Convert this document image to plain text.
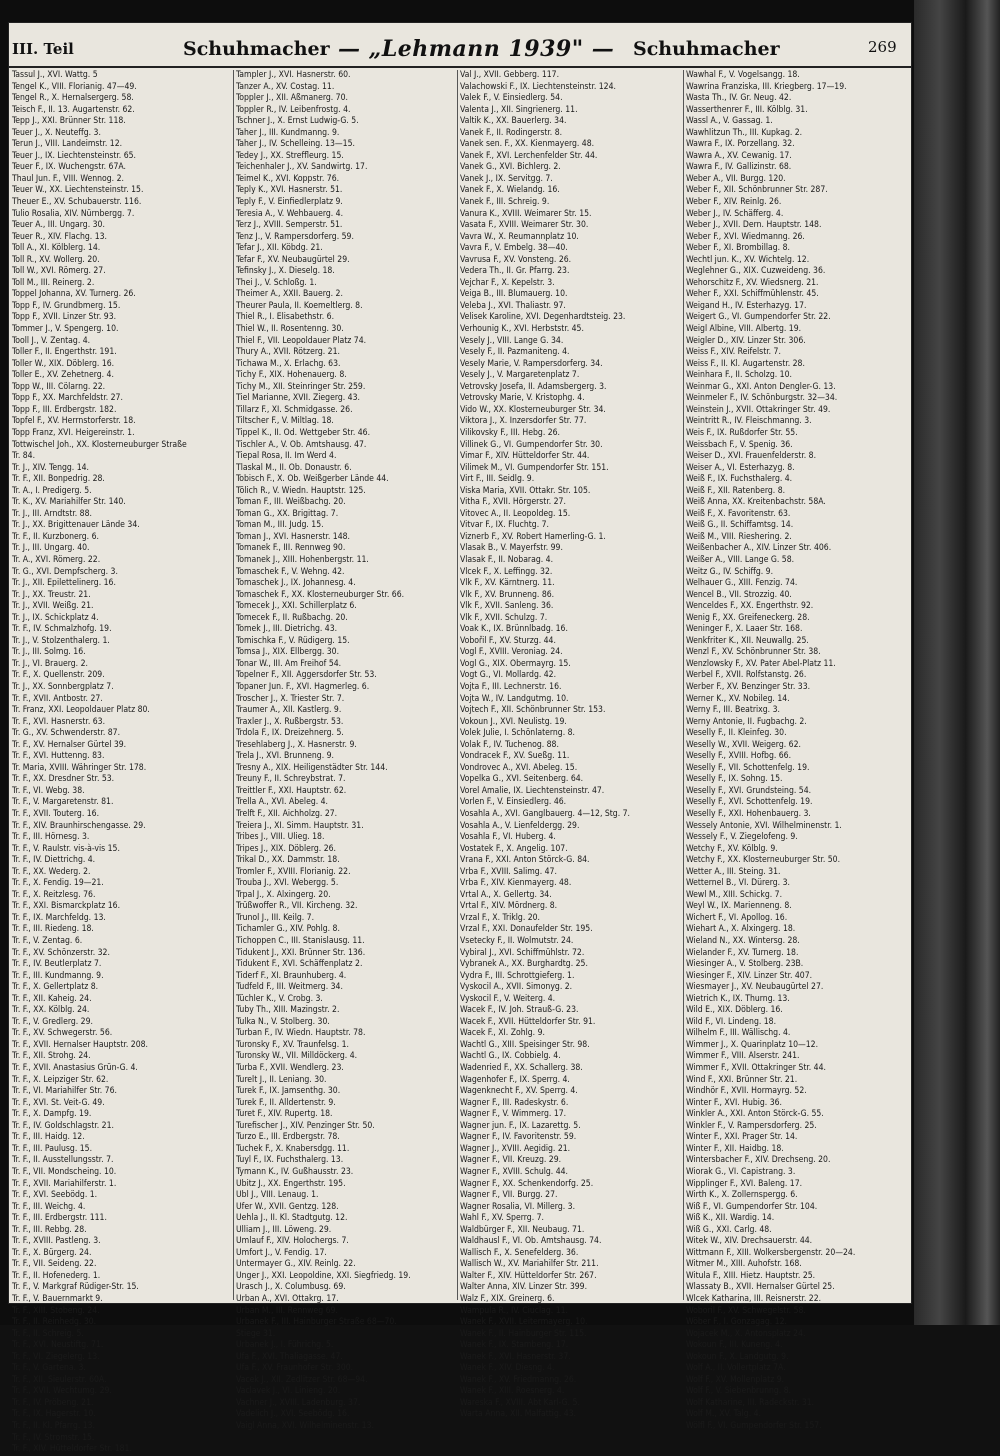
III. Teil	Schuhmacher — „Lehmann 1939" — Schuhmacher	269
Tassul J., XVI. Wattg. 5
Tengel K., VIII. Florianig. 47—49.
Tengel R., X. Hernalsergerg. 58.
Teisch F., II. 13. Augartenstr. 62.
Tepp J., XXI. Brünner Str. 118.
Teuer J., X. Neuteffg. 3.
Terun J., VIII. Landeimstr. 12.
Teuer J., IX. Liechtensteinstr. 65.
Teuer F., IX. Wuchengstr. 67A.
Thaul Jun. F., VIII. Wennog. 2.
Teuer W., XX. Liechtensteinstr. 15.
Theuer E., XV. Schubauerstr. 116.
Tulio Rosalia, XIV. Nürnbergg. 7.
Teuer A., III. Ungarg. 30.
Teuer R., XIV. Flachg. 13.
Toll A., XI. Kölblerg. 14.
Toll R., XV. Wollerg. 20.
Toll W., XVI. Römerg. 27.
Toll M., III. Reinerg. 2.
Toppel Johanna, XV. Turnerg. 26.
Topp F., IV. Grundbmerg. 15.
Topp F., XVII. Linzer Str. 93.
Tommer J., V. Spengerg. 10.
Tooll J., V. Zentag. 4.
Toller F., II. Engerthstr. 191.
Toller W., XIX. Döblerg. 16.
Toller E., XV. Zehetnerg. 4.
Topp W., III. Cölarng. 22.
Topp F., XX. Marchfeldstr. 27.
Topp F., III. Erdbergstr. 182.
Topfel F., XV. Herrnstorferstr. 18.
Topp Franz, XVI. Heigereinstr. 1.
Tottwischel Joh., XX. Klosterneuburger Straße
Tr. 84.
Tr. J., XIV. Tengg. 14.
Tr. F., XII. Bonpedrig. 28.
Tr. A., I. Predigerg. 5.
Tr. K., XV. Mariahilfer Str. 140.
Tr. J., III. Arndtstr. 88.
Tr. J., XX. Brigittenauer Lände 34.
Tr. F., II. Kurzbonerg. 6.
Tr. J., III. Ungarg. 40.
Tr. A., XVI. Römerg. 22.
Tr. G., XVI. Dempfscherg. 3.
Tr. J., XII. Epilettelinerg. 16.
Tr. J., XX. Treustr. 21.
Tr. J., XVII. Weißg. 21.
Tr. J., IX. Schickplatz 4.
Tr. F., IV. Schmalzhofg. 19.
Tr. J., V. Stolzenthalerg. 1.
Tr. J., III. Solmg. 16.
Tr. J., VI. Brauerg. 2.
Tr. F., X. Quellenstr. 209.
Tr. J., XX. Sonnbergplatz 7.
Tr. F., XVII. Antbostr. 27.
Tr. Franz, XXI. Leopoldauer Platz 80.
Tr. F., XVI. Hasnerstr. 63.
Tr. G., XV. Schwenderstr. 87.
Tr. F., XV. Hernalser Gürtel 39.
Tr. F., XVI. Huttenng. 83.
Tr. Maria, XVIII. Währinger Str. 178.
Tr. F., XX. Dresdner Str. 53.
Tr. F., VI. Webg. 38.
Tr. F., V. Margaretenstr. 81.
Tr. F., XVII. Touterg. 16.
Tr. F., XIV. Braunhirschengasse. 29.
Tr. F., III. Hörnesg. 3.
Tr. F., V. Raulstr. vis-à-vis 15.
Tr. F., IV. Diettrichg. 4.
Tr. F., XX. Wederg. 2.
Tr. F., X. Fendig. 19—21.
Tr. F., X. Reitzlesg. 76.
Tr. F., XXI. Bismarckplatz 16.
Tr. F., IX. Marchfeldg. 13.
Tr. F., III. Riedeng. 18.
Tr. F., V. Zentag. 6.
Tr. F., XV. Schönzerstr. 32.
Tr. F., IV. Beutlerplatz 7.
Tr. F., III. Kundmanng. 9.
Tr. F., X. Gellertplatz 8.
Tr. F., XII. Kaheig. 24.
Tr. F., XX. Kölblg. 24.
Tr. F., V. Gredlerg. 29.
Tr. F., XV. Schwegerstr. 56.
Tr. F., XVII. Hernalser Hauptstr. 208.
Tr. F., XII. Strohg. 24.
Tr. F., XVII. Anastasius Grün-G. 4.
Tr. F., X. Leipziger Str. 62.
Tr. F., VI. Mariahilfer Str. 76.
Tr. F., XVI. St. Veit-G. 49.
Tr. F., X. Dampfg. 19.
Tr. F., IV. Goldschlagstr. 21.
Tr. F., III. Haidg. 12.
Tr. F., III. Paulusg. 15.
Tr. F., II. Ausstellungsstr. 7.
Tr. F., VII. Mondscheing. 10.
Tr. F., XVII. Mariahilferstr. 1.
Tr. F., XVI. Seebödg. 1.
Tr. F., III. Weichg. 4.
Tr. F., III. Erdbergstr. 111.
Tr. F., III. Rebbg. 28.
Tr. F., XVIII. Pastleng. 3.
Tr. F., X. Bürgerg. 24.
Tr. F., VII. Seideng. 22.
Tr. F., II. Hofenederg. 1.
Tr. F., V. Markgraf Rüdiger-Str. 15.
Tr. F., V. Bauernmarkt 9.
Tr. F., XIII. Stobeng. 24.
Tr. F., II. Reinhedg. 30.
Tr. F., II. Schreig. 5.
Tr. F., XVI. Neustiftg. 71.
Tr. F., VI. Ziegelerg. 13.
Tr. F., V. Gartena. 3.
Tr. F., XII. Sieulerstr. 60A.
Tr. F., XVII. Wechtumg. 29.
Tr. F., IV. Pröbeng. 21.
Tr. F., IX. Hagerstr. 10.
Tr. F., II. Kl. Pfarrg. 13.
Tr. F., IV. Stromstr. 15.
Tr. F., XIV. Hütteldorfer Str. 181.
Tampler J., XVI. Hasnerstr. 60.
Tanzer A., XV. Costag. 11.
Toppler J., XII. Aßmanerg. 70.
Toppler R., IV. Leibenfrostg. 4.
Tschner J., X. Ernst Ludwig-G. 5.
Taher J., III. Kundmanng. 9.
Taher J., IV. Schelleing. 13—15.
Tedey J., XX. Streffleurg. 15.
Teichenhaler J., XV. Sandwirtg. 17.
Teimel K., XVI. Koppstr. 76.
Teply K., XVI. Hasnerstr. 51.
Teply F., V. Einfiedlerplatz 9.
Teresia A., V. Wehbauerg. 4.
Terz J., XVIII. Semperstr. 51.
Tenz J., V. Rampersdorferg. 59.
Tefar J., XII. Köbdg. 21.
Tefar F., XV. Neubaugürtel 29.
Tefinsky J., X. Dieselg. 18.
Thei J., V. Schloßg. 1.
Theimer A., XXII. Bauerg. 2.
Theurer Paula, II. Koemeltlerg. 8.
Thiel R., I. Elisabethstr. 6.
Thiel W., II. Rosentenng. 30.
Thiel F., VII. Leopoldauer Platz 74.
Thury A., XVII. Rötzerg. 21.
Tichawa M., X. Erlachg. 63.
Tichy F., XIX. Hohenauerg. 8.
Tichy M., XII. Steinringer Str. 259.
Tiel Marianne, XVII. Ziegerg. 43.
Tillarz F., XI. Schmidgasse. 26.
Tiltscher F., V. Miltlag. 18.
Tippel K., II. Od. Wettgeber Str. 46.
Tischler A., V. Ob. Amtshausg. 47.
Tiepal Rosa, II. Im Werd 4.
Tlaskal M., II. Ob. Donaustr. 6.
Tobisch F., X. Ob. Weißgerber Lände 44.
Tölich R., V. Wiedn. Hauptstr. 125.
Toman F., III. Weißbachg. 20.
Toman G., XX. Brigittag. 7.
Toman M., III. Judg. 15.
Toman J., XVI. Hasnerstr. 148.
Tomanek F., III. Rennweg 90.
Tomanek J., XIII. Hohenbergstr. 11.
Tomaschek F., V. Wehng. 42.
Tomaschek J., IX. Johannesg. 4.
Tomaschek F., XX. Klosterneuburger Str. 66.
Tomecek J., XXI. Schillerplatz 6.
Tomecek F., II. Rußbachg. 20.
Tomek J., III. Dietrichg. 43.
Tomischka F., V. Rüdigerg. 15.
Tomsa J., XIX. Ellbergg. 30.
Tonar W., III. Am Freihof 54.
Topelner F., XII. Aggersdorfer Str. 53.
Topaner Jun. F., XVI. Hagmerleg. 6.
Troscher J., X. Triester Str. 7.
Traumer A., XII. Kastlerg. 9.
Traxler J., X. Rußbergstr. 53.
Trdola F., IX. Dreizehnerg. 5.
Tresehlaberg J., X. Hasnerstr. 9.
Trela J., XVI. Brunneng. 9.
Tresny A., XIX. Heiligenstädter Str. 144.
Treuny F., II. Schreybstrat. 7.
Treittler F., XXI. Hauptstr. 62.
Trella A., XVI. Abeleg. 4.
Trelft F., XII. Aichholzg. 27.
Treiera J., XI. Simm. Hauptstr. 31.
Tribes J., VIII. Ulieg. 18.
Tripes J., XIX. Döblerg. 26.
Trikal D., XX. Dammstr. 18.
Tromler F., XVIII. Florianig. 22.
Trouba J., XVI. Webergg. 5.
Trpal J., X. Alxingerg. 20.
Trüßwoffer R., VII. Kircheng. 32.
Trunol J., III. Keilg. 7.
Tichamler G., XIV. Pohlg. 8.
Tichoppen C., III. Stanislausg. 11.
Tidukent J., XXI. Brünner Str. 136.
Tidukent F., XVI. Schäffenplatz 2.
Tiderf F., XI. Braunhuberg. 4.
Tudfeld F., III. Weitmerg. 34.
Tüchler K., V. Crobg. 3.
Tuby Th., XIII. Mazingstr. 2.
Tulka N., V. Stolberg. 30.
Turban F., IV. Wiedn. Hauptstr. 78.
Turonsky F., XV. Traunfelsg. 1.
Turonsky W., VII. Milldöckerg. 4.
Turba F., XVII. Wendlerg. 23.
Turelt J., II. Leniang. 30.
Turek F., IX. Jamsenthg. 30.
Turek F., II. Alldertenstr. 9.
Turet F., XIV. Rupertg. 18.
Turefischer J., XIV. Penzinger Str. 50.
Turzo E., III. Erdbergstr. 78.
Tuchek F., X. Knabersdgg. 11.
Tuyl F., IX. Fuchsthalerg. 13.
Tymann K., IV. Gußhausstr. 23.
Ubitz J., XX. Engerthstr. 195.
Ubl J., VIII. Lenaug. 1.
Ufer W., XVII. Gentzg. 128.
Uehla J., II. Kl. Stadtgutg. 12.
Ulliam J., III. Löweng. 29.
Umlauf F., XIV. Holochergs. 7.
Umfort J., V. Fendig. 17.
Untermayer G., XIV. Reinlg. 22.
Unger J., XXI. Leopoldine, XXI. Siegfriedg. 19.
Urasch J., X. Columbusg. 69.
Urban A., XVI. Ottakrg. 17.
Urban M., III. Rennweg 69.
Urbanek F., III. Hainburger Straße 68—70.
Stiege 31.
Urbanek J., I. Führichg. 5.
Ufa F., XVI. Thaliagasse. 47.
Ufa F., XV. Fraunhofer Str. 300.
Vacek J., XII. Zedlitzer Str. 68—94.
Vaclavek J., VI. Linieng. 20.
Vachner J., XVIII. Ladenburg. 37.
Vadelich J., XVI. Seebödg. 16.
Vaigl Anna, XVI. Wilhelminenstr. 13.
Val J., XVII. Gebberg. 117.
Valachowski F., IX. Liechtensteinstr. 124.
Valek F., V. Einsiedlerg. 54.
Valenta J., XII. Singrienerg. 11.
Valtik K., XX. Bauerlerg. 34.
Vanek F., II. Rodingerstr. 8.
Vanek sen. F., XX. Kienmayerg. 48.
Vanek F., XVI. Lerchenfelder Str. 44.
Vanek G., XVI. Bichlerg. 2.
Vanek J., IX. Servitgg. 7.
Vanek F., X. Wielandg. 16.
Vanek F., III. Schreig. 9.
Vanura K., XVIII. Weimarer Str. 15.
Vasata F., XVIII. Weimarer Str. 30.
Vavra W., X. Reumannplatz 10.
Vavra F., V. Embelg. 38—40.
Vavrusa F., XV. Vonsteng. 26.
Vedera Th., II. Gr. Pfarrg. 23.
Vejchar F., X. Kepelstr. 3.
Veiga B., III. Blumauerg. 10.
Veleba J., XVI. Thaliastr. 97.
Velisek Karoline, XVI. Degenhardtsteig. 23.
Verhounig K., XVI. Herbststr. 45.
Vesely J., VIII. Lange G. 34.
Vesely F., II. Pazmaniteng. 4.
Vesely Marie, V. Rampersdorferg. 34.
Vesely J., V. Margaretenplatz 7.
Vetrovsky Josefa, II. Adamsbergerg. 3.
Vetrovsky Marie, V. Kristophg. 4.
Vido W., XX. Klosterneuburger Str. 34.
Viktora J., X. Inzersdorfer Str. 77.
Vilikovsky F., III. Hebg. 26.
Villinek G., VI. Gumpendorfer Str. 30.
Vimar F., XIV. Hütteldorfer Str. 44.
Vilimek M., VI. Gumpendorfer Str. 151.
Virt F., III. Seidlg. 9.
Viska Maria, XVII. Ottakr. Str. 105.
Vitha F., XVII. Hörgerstr. 27.
Vitovec A., II. Leopoldeg. 15.
Vitvar F., IX. Fluchtg. 7.
Viznerb F., XV. Robert Hamerling-G. 1.
Vlasak B., V. Mayerfstr. 99.
Vlasak F., II. Nobarag. 4.
Vlcek F., X. Leffingg. 32.
Vlk F., XV. Kärntnerg. 11.
Vlk F., XV. Brunneng. 86.
Vlk F., XVII. Sanleng. 36.
Vlk F., XVII. Schulzg. 7.
Voak K., IX. Brünnlbadg. 16.
Vobořil F., XV. Sturzg. 44.
Vogl F., XVIII. Veroniag. 24.
Vogl G., XIX. Obermayrg. 15.
Vogt G., VI. Mollardg. 42.
Vojta F., III. Lechnerstr. 16.
Vojta W., IV. Landgutmg. 10.
Vojtech F., XII. Schönbrunner Str. 153.
Vokoun J., XVI. Neulistg. 19.
Volek Julie, I. Schönlaterng. 8.
Volak F., IV. Tuchenog. 88.
Vondracek F., XV. Sueßg. 11.
Vondrovec A., XVI. Abeleg. 15.
Vopelka G., XVI. Seitenberg. 64.
Vorel Amalie, IX. Liechtensteinstr. 47.
Vorlen F., V. Einsiedlerg. 46.
Vosahla A., XVI. Ganglbauerg. 4—12, Stg. 7.
Vosahla A., V. Lienfeldergg. 29.
Vosahla F., VI. Huberg. 4.
Vostatek F., X. Angelig. 107.
Vrana F., XXI. Anton Störck-G. 84.
Vrba F., XVIII. Salimg. 47.
Vrba F., XIV. Kienmayerg. 48.
Vrtal A., X. Gellertg. 34.
Vrtal F., XIV. Mördnerg. 8.
Vrzal F., X. Triklg. 20.
Vrzal F., XXI. Donaufelder Str. 195.
Vsetecky F., II. Wolmutstr. 24.
Vybiral J., XVI. Schiffmühlstr. 72.
Vybranek A., XX. Burghardtg. 25.
Vydra F., III. Schrottgieferg. 1.
Vyskocil A., XVII. Simonyg. 2.
Vyskocil F., V. Weiterg. 4.
Wacek F., IV. Joh. Strauß-G. 23.
Wacek F., XVII. Hütteldorfer Str. 91.
Wacek F., XI. Zohlg. 9.
Wachtl G., XIII. Speisinger Str. 98.
Wachtl G., IX. Cobbielg. 4.
Wadenried F., XX. Schallerg. 38.
Wagenhofer F., IX. Sperrg. 4.
Wagenknecht F., XV. Sperrg. 4.
Wagner F., III. Radeskystr. 6.
Wagner F., V. Wimmerg. 17.
Wagner jun. F., IX. Lazarettg. 5.
Wagner F., IV. Favoritenstr. 59.
Wagner J., XVIII. Aegidig. 21.
Wagner F., VII. Kreuzg. 29.
Wagner F., XVIII. Schulg. 44.
Wagner F., XX. Schenkendorfg. 25.
Wagner F., VII. Burgg. 27.
Wagner Rosalia, VI. Millerg. 3.
Wahl F., XV. Sperrg. 7.
Waldbürger F., XII. Neubaug. 71.
Waldhausl F., VI. Ob. Amtshausg. 74.
Wallisch F., X. Senefelderg. 36.
Wallisch W., XV. Mariahilfer Str. 211.
Walter F., XIV. Hütteldorfer Str. 267.
Walter Anna, XIV. Linzer Str. 399.
Walz F., XIX. Greinerg. 6.
Wampula R., IV. Ciuclag. 11.
Wanek F., XVII. Leitermayerg. 10.
Wanek F., II. Hainburger Str. 115.
Wanek F., IX. Stambeng. 17.
Wanek F., XVI. Hasnerstr. 37.
Wanek F., XIV. Diesng. 4.
Wanek F., XV. Friedmanng. 26.
Wanek F., XIII. Roesnerg. 4.
Wareska F., XVIII. Abt Karl-G. 5.
Warta Anna, XII. Malfattig. 43.
Wawhal F., V. Vogelsangg. 18.
Wawrina Franziska, III. Kriegberg. 17—19.
Wasta Th., IV. Gr. Neug. 42.
Wasserthenrer F., III. Kölblg. 31.
Wassl A., V. Gassag. 1.
Wawhlitzun Th., III. Kupkag. 2.
Wawra F., IX. Porzellang. 32.
Wawra A., XV. Cewanig. 17.
Wawra F., IV. Gallizinstr. 68.
Weber A., VII. Burgg. 120.
Weber F., XII. Schönbrunner Str. 287.
Weber F., XIV. Reinlg. 26.
Weber J., IV. Schäfferg. 4.
Weber J., XVII. Dern. Hauptstr. 148.
Weber F., XVI. Wiedmanng. 26.
Weber F., XI. Brombillag. 8.
Wechtl jun. K., XV. Wichtelg. 12.
Weglehner G., XIX. Cuzweideng. 36.
Wehorschitz F., XV. Wiedsnerg. 21.
Weher F., XXI. Schiffmühlenstr. 45.
Weigand H., IV. Esterhazyg. 17.
Weigert G., VI. Gumpendorfer Str. 22.
Weigl Albine, VIII. Albertg. 19.
Weigler D., XIV. Linzer Str. 306.
Weiss F., XIV. Reifelstr. 7.
Weiss F., II. Kl. Augartenstr. 28.
Weinhara F., II. Scholzg. 10.
Weinmar G., XXI. Anton Dengler-G. 13.
Weinmeler F., IV. Schönburgstr. 32—34.
Weinstein J., XVII. Ottakringer Str. 49.
Weintritt R., IV. Fleischmanng. 3.
Weis F., IX. Rußdorfer Str. 55.
Weissbach F., V. Spenig. 36.
Weiser D., XVI. Frauenfelderstr. 8.
Weiser A., VI. Esterhazyg. 8.
Weiß F., IX. Fuchsthalerg. 4.
Weiß F., XII. Ratenberg. 8.
Weiß Anna, XX. Kreitenbachstr. 58A.
Weiß F., X. Favoritenstr. 63.
Weiß G., II. Schiffamtsg. 14.
Weiß M., VIII. Rieshering. 2.
Weißenbacher A., XIV. Linzer Str. 406.
Weißer A., VIII. Lange G. 58.
Weitz G., IV. Schiffg. 9.
Welhauer G., XIII. Fenzig. 74.
Wencel B., VII. Strozzig. 40.
Wenceldes F., XX. Engerthstr. 92.
Wenig F., XX. Greifeneckerg. 28.
Weninger F., X. Laaer Str. 168.
Wenkfriter K., XII. Neuwallg. 25.
Wenzl F., XV. Schönbrunner Str. 38.
Wenzlowsky F., XV. Pater Abel-Platz 11.
Werbel F., XVII. Rolfstanstg. 26.
Werber F., XV. Benzinger Str. 33.
Werner K., XV. Nobileg. 14.
Werny F., III. Beatrixg. 3.
Werny Antonie, II. Fugbachg. 2.
Weselly F., II. Kleinfeg. 30.
Weselly W., XVII. Weigerg. 62.
Weselly F., XVIII. Hofbg. 66.
Weselly F., VII. Schottenfelg. 19.
Weselly F., IX. Sohng. 15.
Weselly F., XVI. Grundsteing. 54.
Weselly F., XVI. Schottenfelg. 19.
Weselly F., XXI. Hohenbauerg. 3.
Wessely Antonie, XVI. Wilhelminenstr. 1.
Wessely F., V. Ziegelofeng. 9.
Wetchy F., XV. Kölblg. 9.
Wetchy F., XX. Klosterneuburger Str. 50.
Wetter A., III. Steing. 31.
Wetternel B., VI. Dürerg. 3.
Wewl M., XIII. Schickg. 7.
Weyl W., IX. Marienneng. 8.
Wichert F., VI. Apollog. 16.
Wiehart A., X. Alxingerg. 18.
Wieland N., XX. Wintersg. 28.
Wielander F., XV. Turnerg. 18.
Wiesinger A., V. Stolberg. 23B.
Wiesinger F., XIV. Linzer Str. 407.
Wiesmayer J., XV. Neubaugürtel 27.
Wietrich K., IX. Thurng. 13.
Wild E., XIX. Döblerg. 16.
Wild F., VI. Lindeng. 18.
Wilhelm F., III. Wällischg. 4.
Wimmer J., X. Quarinplatz 10—12.
Wimmer F., VIII. Alserstr. 241.
Wimmer F., XVII. Ottakringer Str. 44.
Wind F., XXI. Brünner Str. 21.
Windhör F., XVII. Hormayrg. 52.
Winter F., XVI. Hubig. 36.
Winkler A., XXI. Anton Störck-G. 55.
Winkler F., V. Rampersdorferg. 25.
Winter F., XXI. Prager Str. 14.
Winter F., XII. Haidbg. 18.
Wintersbacher F., XIV. Drechseng. 20.
Wiorak G., VI. Capistrang. 3.
Wipplinger F., XVI. Baleng. 17.
Wirth K., X. Zollernspergg. 6.
Wiß F., VI. Gumpendorfer Str. 104.
Wiß K., XII. Wardig. 14.
Wiß G., XXI. Carlg. 48.
Witek W., XIV. Drechsauerstr. 44.
Wittmann F., XIII. Wolkersbergenstr. 20—24.
Witmer M., XIII. Auhofstr. 168.
Witula F., XIII. Hietz. Hauptstr. 25.
Wlassaty B., XVII. Hernalser Gürtel 25.
Wlcek Katharina, III. Reisnerstr. 22.
Woboril F., XV. Schwegelstr. 58.
Wöber F., I. Gonzagag. 12.
Wojacek M., X. Antonsplatz 24.
Wokoun F., III. Kuneng. 4.
Wokoun F., X. Landgutg. 9.
Wolf A., II. Vollertplatz 7A.
Wolf F., XV. Mollenplatz 9.
Wolf F., V. Siebenbrunng. 8.
Wolf Katharine, III. Radeckstr. 31.
Wolf M., XV. Talg. 4.
Wölfl F., VI. Gumpendorfer Str. 157.
